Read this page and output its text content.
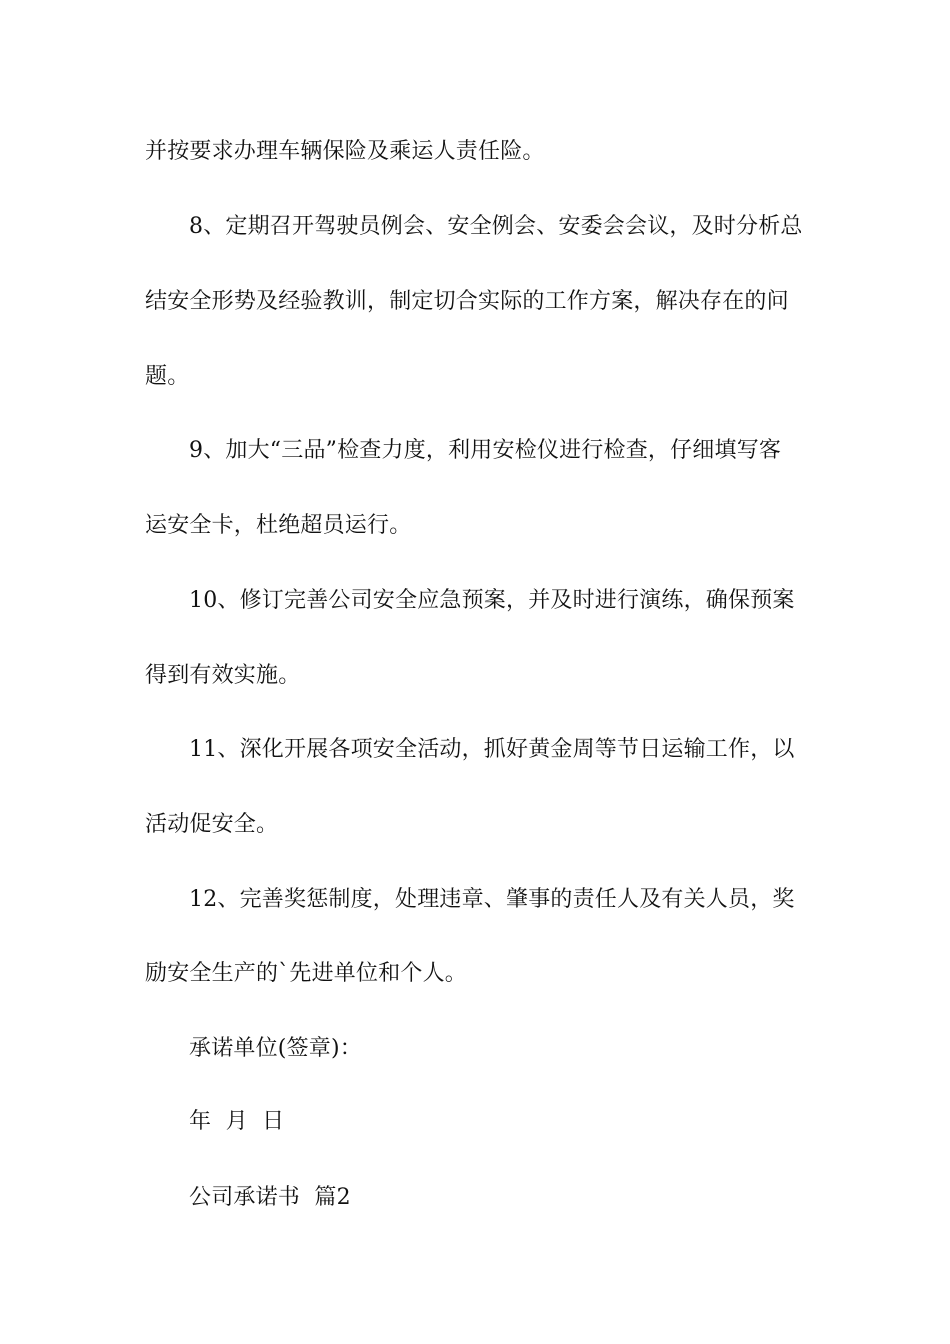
并按要求办理车辆保险及乘运人责任险。
8、定期召开驾驶员例会、安全例会、安委会会议，及时分析总
结安全形势及经验教训，制定切合实际的工作方案，解决存在的问
题。
9、加大“三品”检查力度，利用安检仪进行检查，仔细填写客
运安全卡，杜绝超员运行。
10、修订完善公司安全应急预案，并及时进行演练，确保预案
得到有效实施。
11、深化开展各项安全活动，抓好黄金周等节日运输工作，以
活动促安全。
12、完善奖惩制度，处理违章、肇事的责任人及有关人员，奖
励安全生产的`先进单位和个人。
承诺单位(签章)：
年  月  日
公司承诺书  篇2
